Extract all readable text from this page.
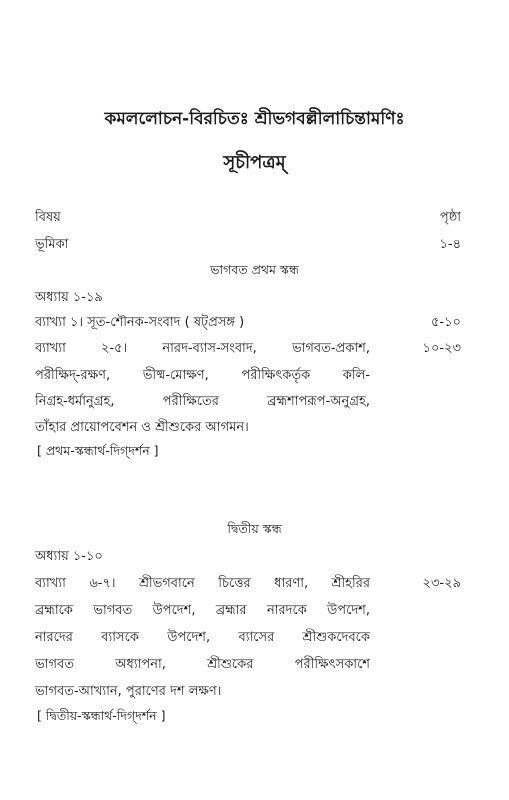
কমললোচন-বিরচিতঃ শ্রীভগবল্লীলাচিন্তামণিঃ
সূচীপত্রম্
বিষয়	পৃষ্ঠা
ভূমিকা	১-৪
ভাগবত প্রথম স্কন্ধ
অধ্যায় ১-১৯
ব্যাখ্যা ১। সূত-শৌনক-সংবাদ ( ষট্প্রসঙ্গ )	৫-১০
ব্যাখ্যা ২-৫। নারদ-ব্যাস-সংবাদ, ভাগবত-প্রকাশ,	১০-২৩
পরীক্ষিদ্-রক্ষণ, ভীষ্ম-মোক্ষণ, পরীক্ষিৎকর্তৃক কলি-
নিগ্রহ-ধর্মানুগ্রহ, পরীক্ষিতের ব্রহ্মশাপরূপ-অনুগ্রহ,
তাঁহার প্রায়োপবেশন ও শ্রীশুকের আগমন।
[ প্রথম-স্কন্ধার্থ-দিগ্‌দর্শন ]
দ্বিতীয় স্কন্ধ
অধ্যায় ১-১০
ব্যাখ্যা ৬-৭। শ্রীভগবানে চিত্তের ধারণা, শ্রীহরির	২৩-২৯
ব্রহ্মাকে ভাগবত উপদেশ, ব্রহ্মার নারদকে উপদেশ,
নারদের ব্যাসকে উপদেশ, ব্যাসের শ্রীশুকদেবকে
ভাগবত অধ্যাপনা, শ্রীশুকের পরীক্ষিৎসকাশে
ভাগবত-আখ্যান, পুরাণের দশ লক্ষণ।
[ দ্বিতীয়-স্কন্ধার্থ-দিগ্‌দর্শন ]
